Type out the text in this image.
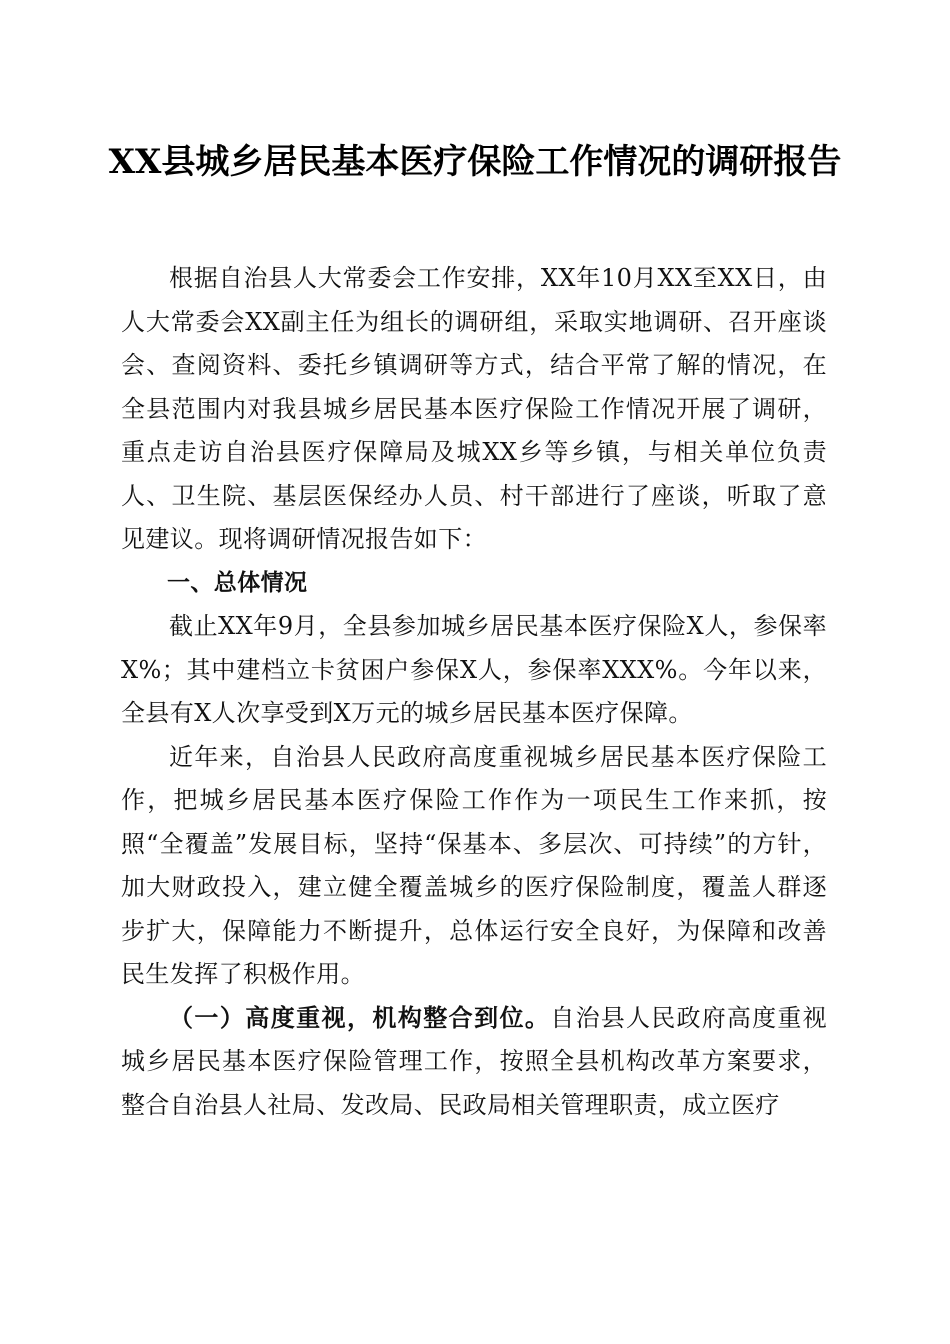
XX县城乡居民基本医疗保险工作情况的调研报告

根据自治县人大常委会工作安排，XX年10月XX至XX日，由人大常委会XX副主任为组长的调研组，采取实地调研、召开座谈会、查阅资料、委托乡镇调研等方式，结合平常了解的情况，在全县范围内对我县城乡居民基本医疗保险工作情况开展了调研，重点走访自治县医疗保障局及城XX乡等乡镇，与相关单位负责人、卫生院、基层医保经办人员、村干部进行了座谈，听取了意见建议。现将调研情况报告如下：

一、总体情况

截止XX年9月，全县参加城乡居民基本医疗保险X人，参保率X%；其中建档立卡贫困户参保X人，参保率XXX%。今年以来，全县有X人次享受到X万元的城乡居民基本医疗保障。

近年来，自治县人民政府高度重视城乡居民基本医疗保险工作，把城乡居民基本医疗保险工作作为一项民生工作来抓，按照“全覆盖”发展目标，坚持“保基本、多层次、可持续”的方针，加大财政投入，建立健全覆盖城乡的医疗保险制度，覆盖人群逐步扩大，保障能力不断提升，总体运行安全良好，为保障和改善民生发挥了积极作用。

（一）高度重视，机构整合到位。自治县人民政府高度重视城乡居民基本医疗保险管理工作，按照全县机构改革方案要求，整合自治县人社局、发改局、民政局相关管理职责，成立医疗
